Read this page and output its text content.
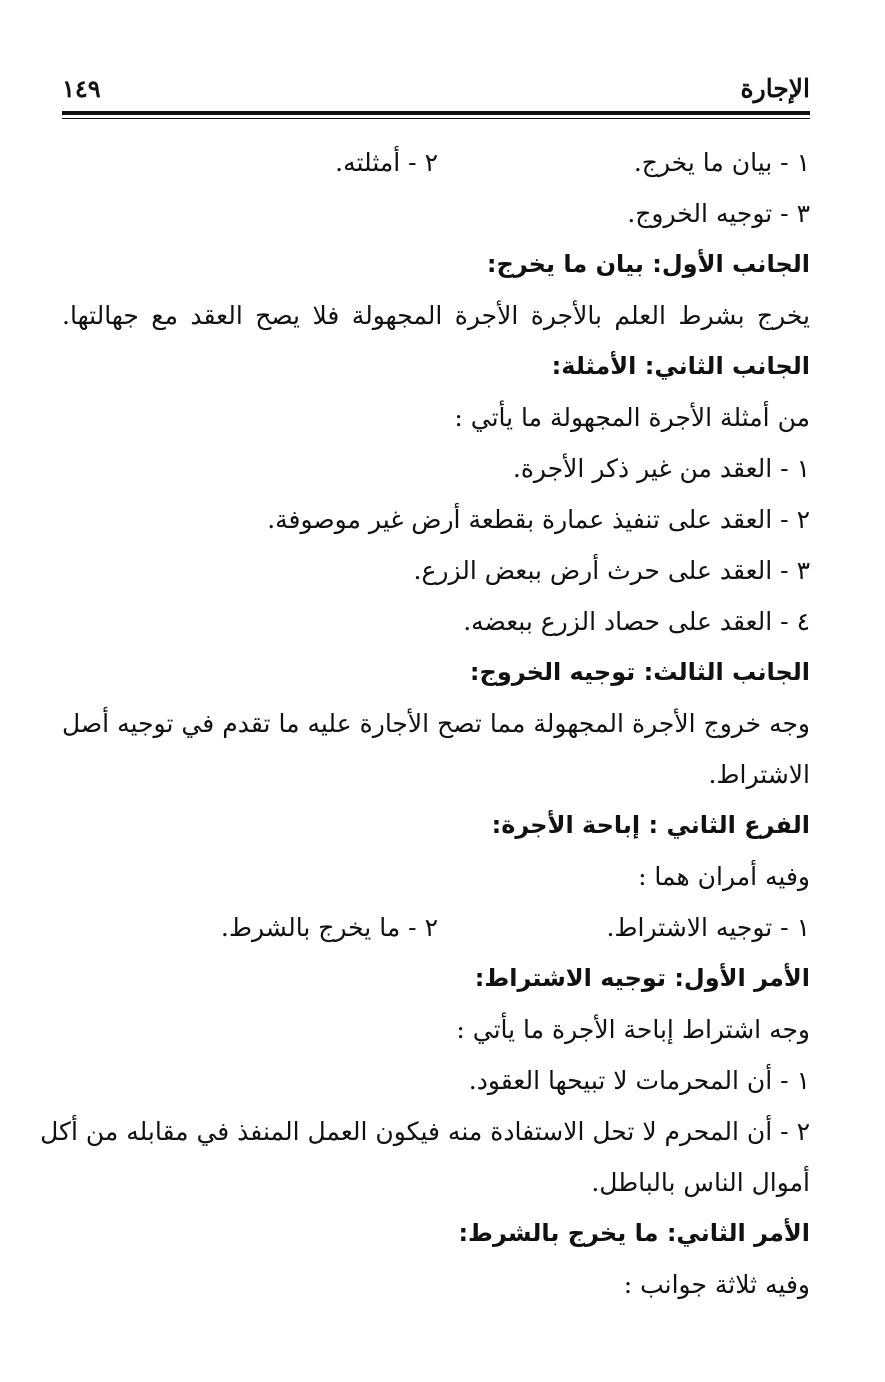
الإجارة
١٤٩
١ - بيان ما يخرج.
٢ - أمثلته.
٣ - توجيه الخروج.
الجانب الأول: بيان ما يخرج:
يخرج بشرط العلم بالأجرة الأجرة المجهولة فلا يصح العقد مع جهالتها.
الجانب الثاني: الأمثلة:
من أمثلة الأجرة المجهولة ما يأتي :
١ - العقد من غير ذكر الأجرة.
٢ - العقد على تنفيذ عمارة بقطعة أرض غير موصوفة.
٣ - العقد على حرث أرض ببعض الزرع.
٤ - العقد على حصاد الزرع ببعضه.
الجانب الثالث: توجيه الخروج:
وجه خروج الأجرة المجهولة مما تصح الأجارة عليه ما تقدم في توجيه أصل
الاشتراط.
الفرع الثاني : إباحة الأجرة:
وفيه أمران هما :
١ - توجيه الاشتراط.
٢ - ما يخرج بالشرط.
الأمر الأول: توجيه الاشتراط:
وجه اشتراط إباحة الأجرة ما يأتي :
١ - أن المحرمات لا تبيحها العقود.
٢ - أن المحرم لا تحل الاستفادة منه فيكون العمل المنفذ في مقابله من أكل
أموال الناس بالباطل.
الأمر الثاني: ما يخرج بالشرط:
وفيه ثلاثة جوانب :
